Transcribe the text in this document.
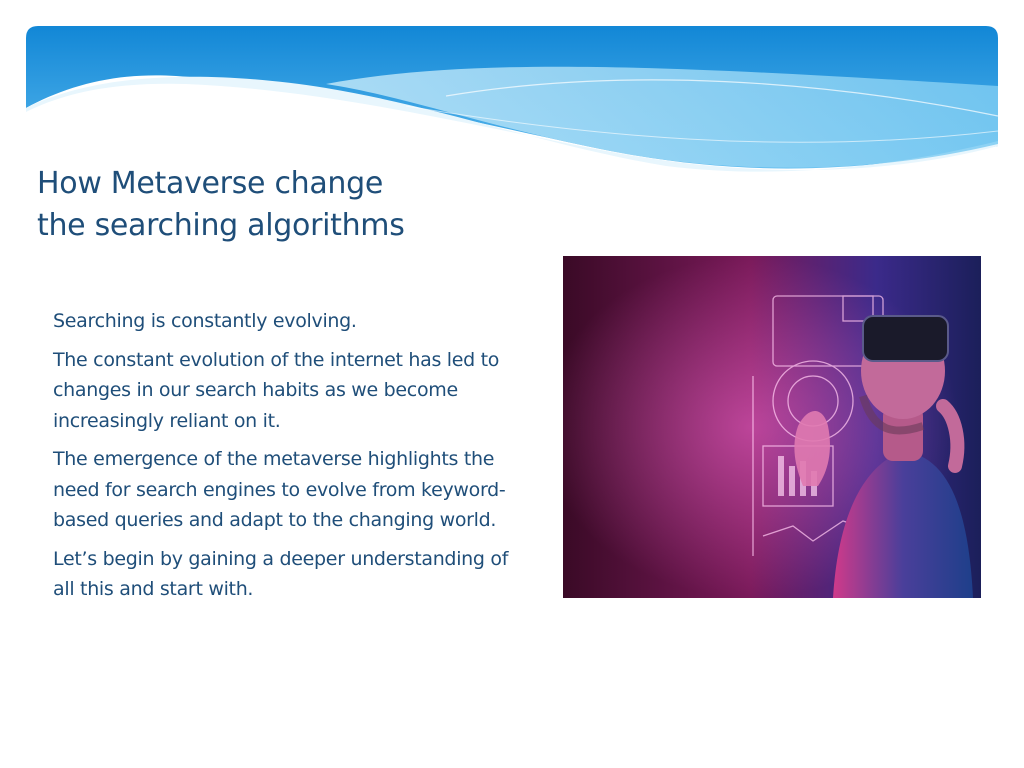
How Metaverse change
the searching algorithms

Searching is constantly evolving.

The constant evolution of the internet has led to changes in our search habits as we become increasingly reliant on it.

The emergence of the metaverse highlights the need for search engines to evolve from keyword-based queries and adapt to the changing world.

Let’s begin by gaining a deeper understanding of all this and start with.
